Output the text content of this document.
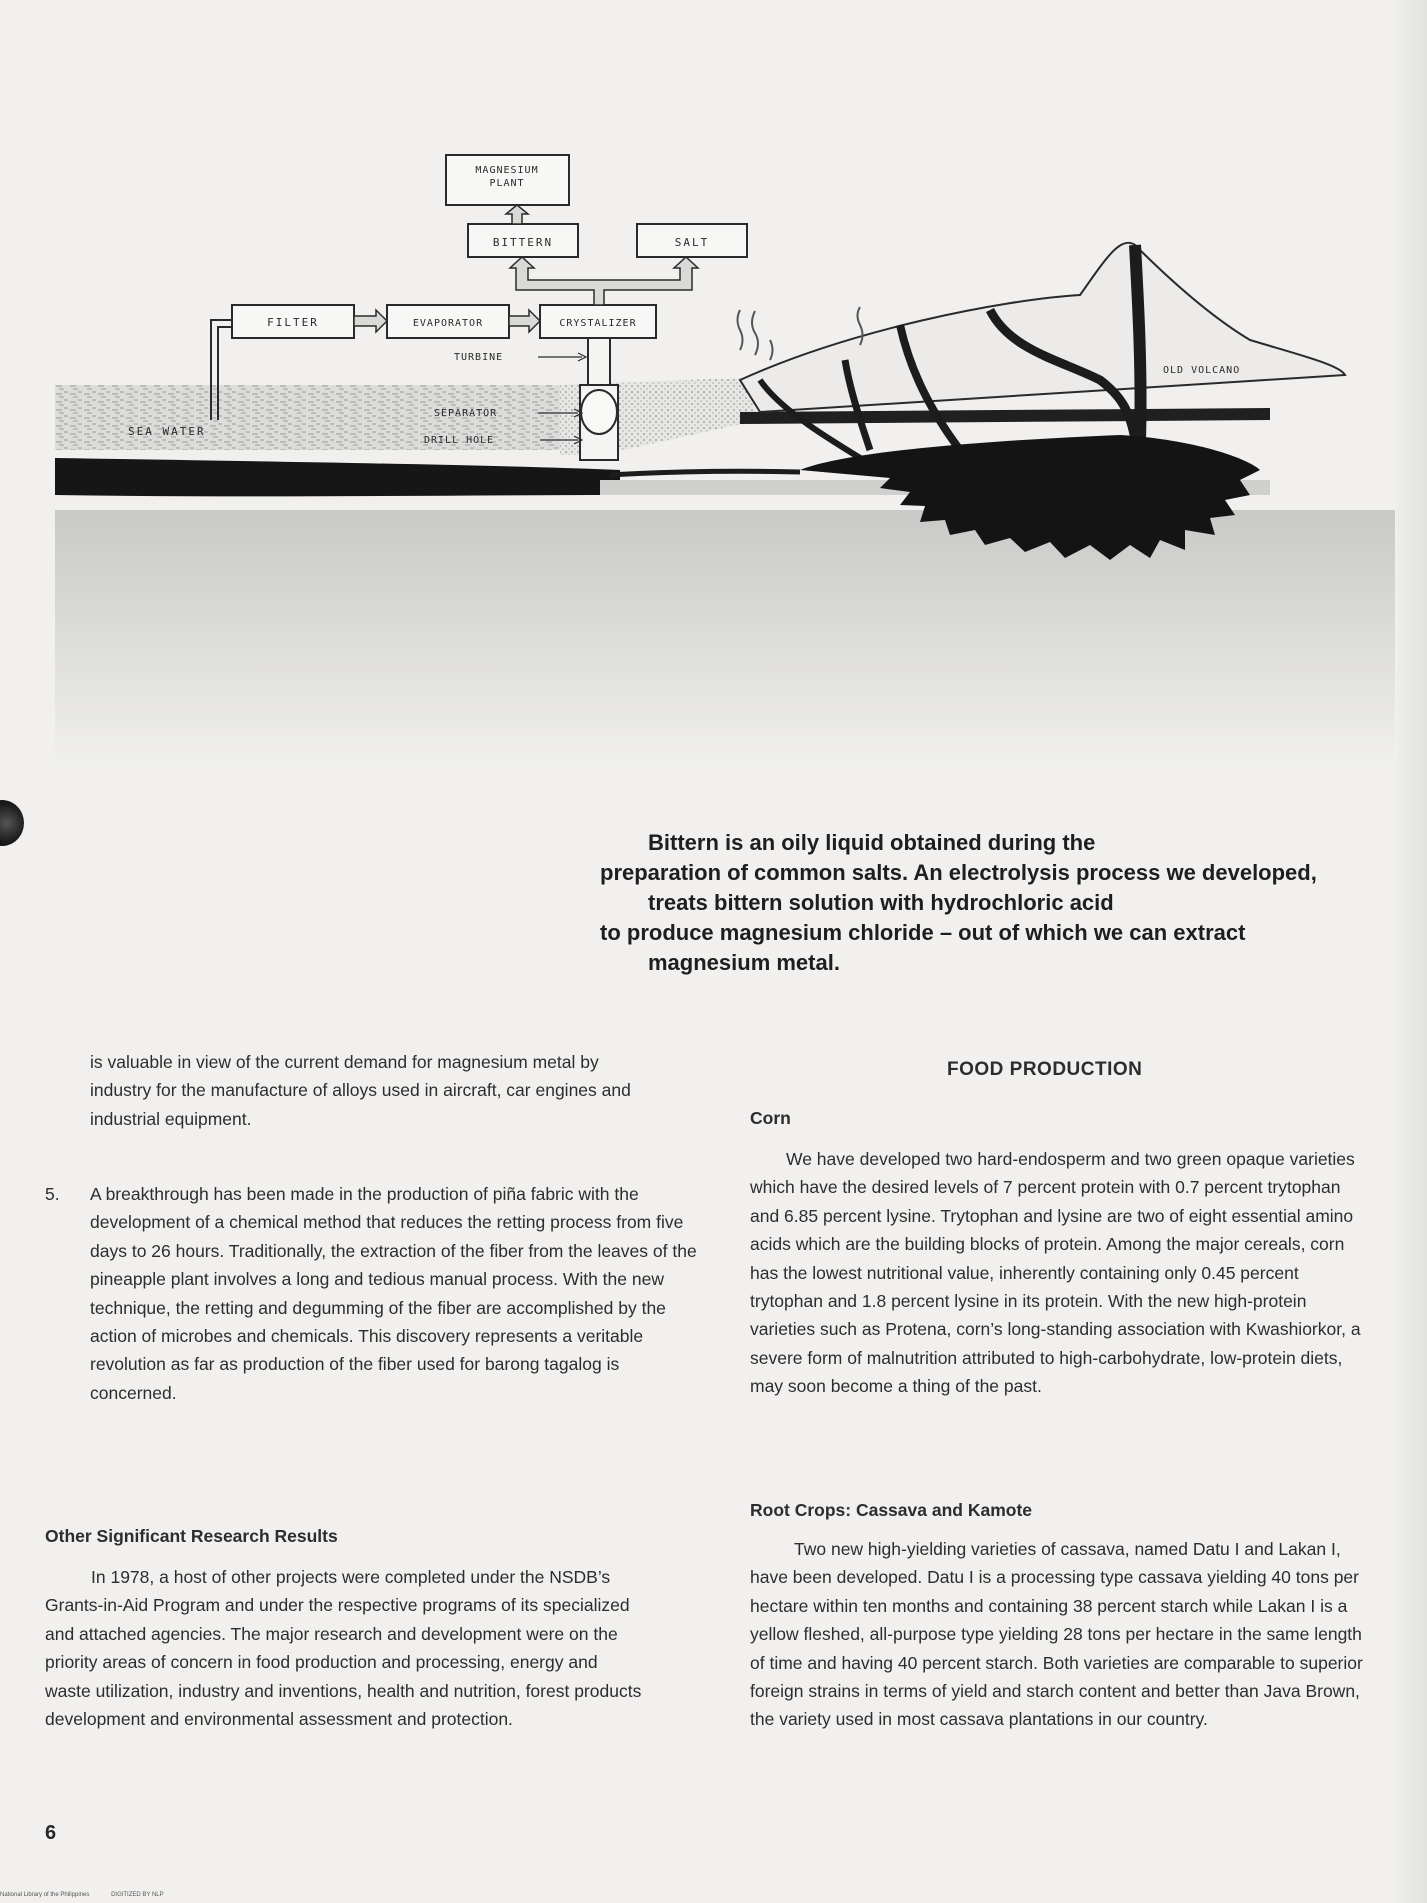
MAGNESIUM
PLANT
BITTERN	SALT
FILTER	EVAPORATOR	CRYSTALIZER
TURBINE
SEPARATOR
DRILL HOLE
SEA WATER
OLD VOLCANO
Bittern is an oily liquid obtained during the
preparation of common salts. An electrolysis process we developed,
treats bittern solution with hydrochloric acid
to produce magnesium chloride – out of which we can extract
magnesium metal.

is valuable in view of the current demand for magnesium metal by industry for the manufacture of alloys used in aircraft, car engines and industrial equipment.

5. A breakthrough has been made in the production of piña fabric with the development of a chemical method that reduces the retting process from five days to 26 hours. Traditionally, the extraction of the fiber from the leaves of the pineapple plant involves a long and tedious manual process. With the new technique, the retting and degumming of the fiber are accomplished by the action of microbes and chemicals. This discovery represents a veritable revolution as far as production of the fiber used for barong tagalog is concerned.

Other Significant Research Results

In 1978, a host of other projects were completed under the NSDB’s Grants-in-Aid Program and under the respective programs of its specialized and attached agencies. The major research and development were on the priority areas of concern in food production and processing, energy and waste utilization, industry and inventions, health and nutrition, forest products development and environmental assessment and protection.

FOOD PRODUCTION
Corn

We have developed two hard-endosperm and two green opaque varieties which have the desired levels of 7 percent protein with 0.7 percent trytophan and 6.85 percent lysine. Trytophan and lysine are two of eight essential amino acids which are the building blocks of protein. Among the major cereals, corn has the lowest nutritional value, inherently containing only 0.45 percent trytophan and 1.8 percent lysine in its protein. With the new high-protein varieties such as Protena, corn’s long-standing association with Kwashiorkor, a severe form of malnutrition attributed to high-carbohydrate, low-protein diets, may soon become a thing of the past.

Root Crops: Cassava and Kamote

Two new high-yielding varieties of cassava, named Datu I and Lakan I, have been developed. Datu I is a processing type cassava yielding 40 tons per hectare within ten months and containing 38 percent starch while Lakan I is a yellow fleshed, all-purpose type yielding 28 tons per hectare in the same length of time and having 40 percent starch. Both varieties are comparable to superior foreign strains in terms of yield and starch content and better than Java Brown, the variety used in most cassava plantations in our country.

6
National Library of the Philippines	DIGITIZED BY NLP
